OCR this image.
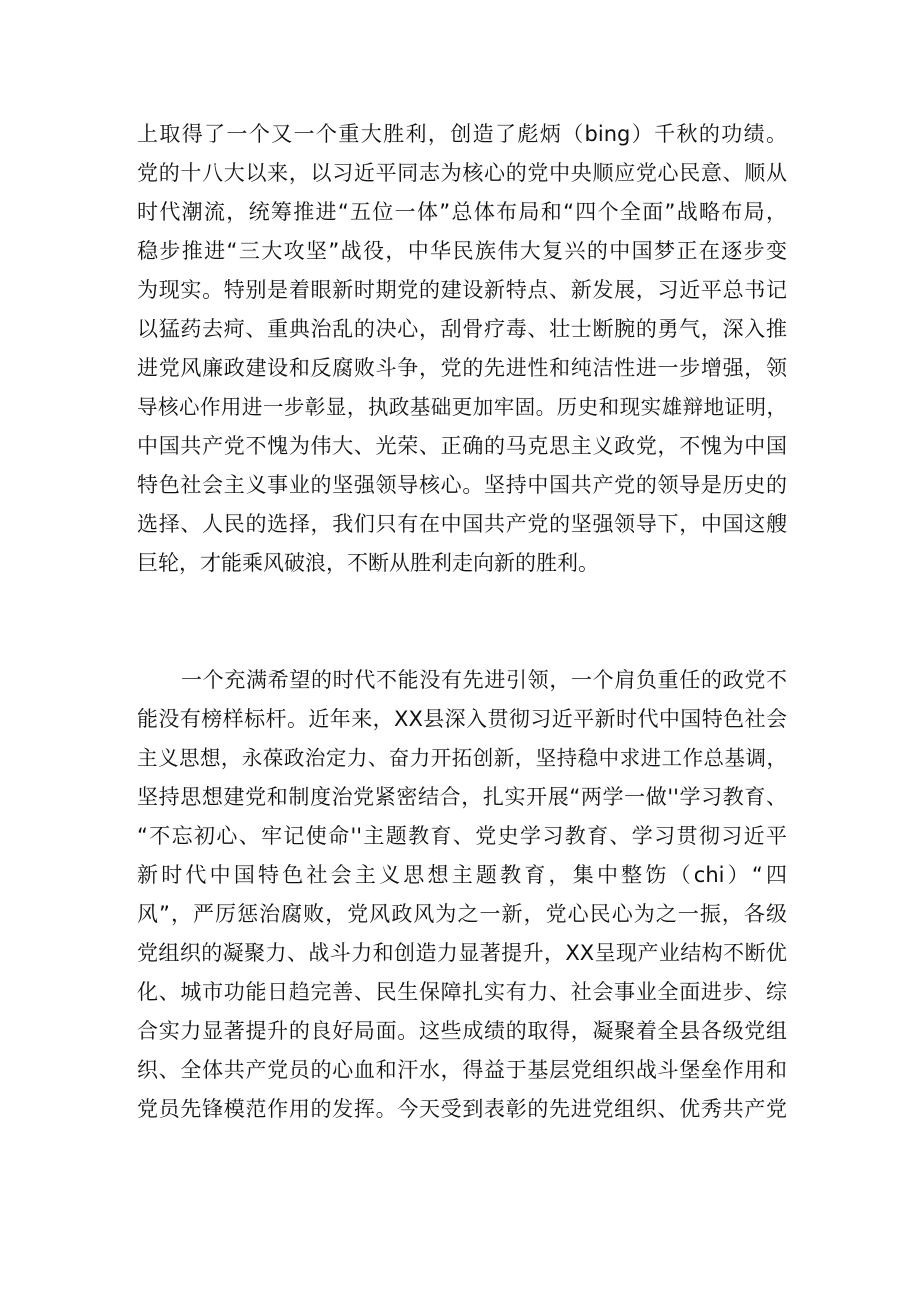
上取得了一个又一个重大胜利，创造了彪炳（bing）千秋的功绩。
党的十八大以来，以习近平同志为核心的党中央顺应党心民意、顺从
时代潮流，统筹推进“五位一体”总体布局和“四个全面”战略布局，
稳步推进“三大攻坚”战役，中华民族伟大复兴的中国梦正在逐步变
为现实。特别是着眼新时期党的建设新特点、新发展，习近平总书记
以猛药去疴、重典治乱的决心，刮骨疗毒、壮士断腕的勇气，深入推
进党风廉政建设和反腐败斗争，党的先进性和纯洁性进一步增强，领
导核心作用进一步彰显，执政基础更加牢固。历史和现实雄辩地证明，
中国共产党不愧为伟大、光荣、正确的马克思主义政党，不愧为中国
特色社会主义事业的坚强领导核心。坚持中国共产党的领导是历史的
选择、人民的选择，我们只有在中国共产党的坚强领导下，中国这艘
巨轮，才能乘风破浪，不断从胜利走向新的胜利。
一个充满希望的时代不能没有先进引领，一个肩负重任的政党不
能没有榜样标杆。近年来，XX县深入贯彻习近平新时代中国特色社会
主义思想，永葆政治定力、奋力开拓创新，坚持稳中求进工作总基调，
坚持思想建党和制度治党紧密结合，扎实开展“两学一做''学习教育、
“不忘初心、牢记使命''主题教育、党史学习教育、学习贯彻习近平
新时代中国特色社会主义思想主题教育，集中整饬（chi）“四
风”，严厉惩治腐败，党风政风为之一新，党心民心为之一振，各级
党组织的凝聚力、战斗力和创造力显著提升，XX呈现产业结构不断优
化、城市功能日趋完善、民生保障扎实有力、社会事业全面进步、综
合实力显著提升的良好局面。这些成绩的取得，凝聚着全县各级党组
织、全体共产党员的心血和汗水，得益于基层党组织战斗堡垒作用和
党员先锋模范作用的发挥。今天受到表彰的先进党组织、优秀共产党
